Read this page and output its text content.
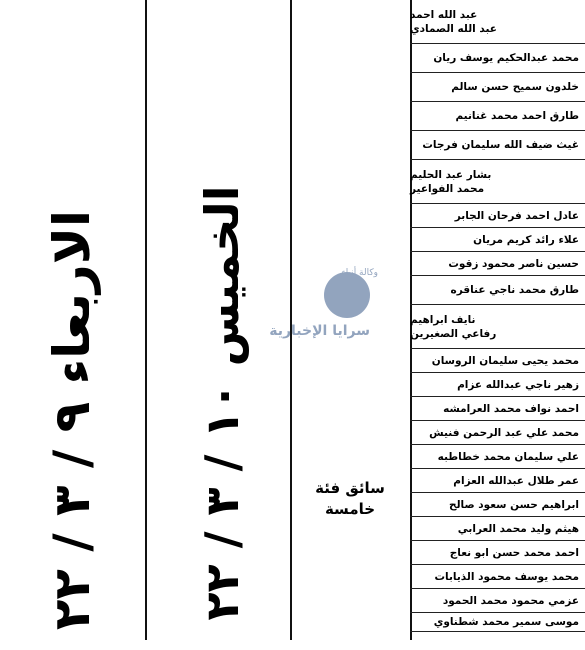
الاربعاء ٩ / ٣ / ٢٢
الخميس ١٠ / ٣ / ٢٢
سائق فئة
خامسة
وكالة أنباء
سرايا الإخبارية
عبد الله احمد
عبد الله الصمادي
محمد عبدالحكيم يوسف ريان
خلدون سميح حسن سالم
طارق احمد محمد غنانيم
غيث ضيف الله سليمان فرجات
بشار عبد الحليم
محمد الفواعير
عادل احمد فرحان الجابر
علاء رائد كريم مريان
حسين ناصر محمود زقوت
طارق محمد ناجي عناقره
نايف ابراهيم
رفاعي الصغيرين
محمد يحيى سليمان الروسان
زهير ناجي عبدالله عزام
احمد نواف محمد العرامشه
محمد علي عبد الرحمن فنيش
علي سليمان محمد خطاطبه
عمر طلال عبدالله العزام
ابراهيم حسن سعود صالح
هيثم وليد محمد العرابي
احمد محمد حسن ابو نعاج
محمد يوسف محمود الذيابات
عزمي محمود محمد الحمود
موسى سمير محمد شطناوي
